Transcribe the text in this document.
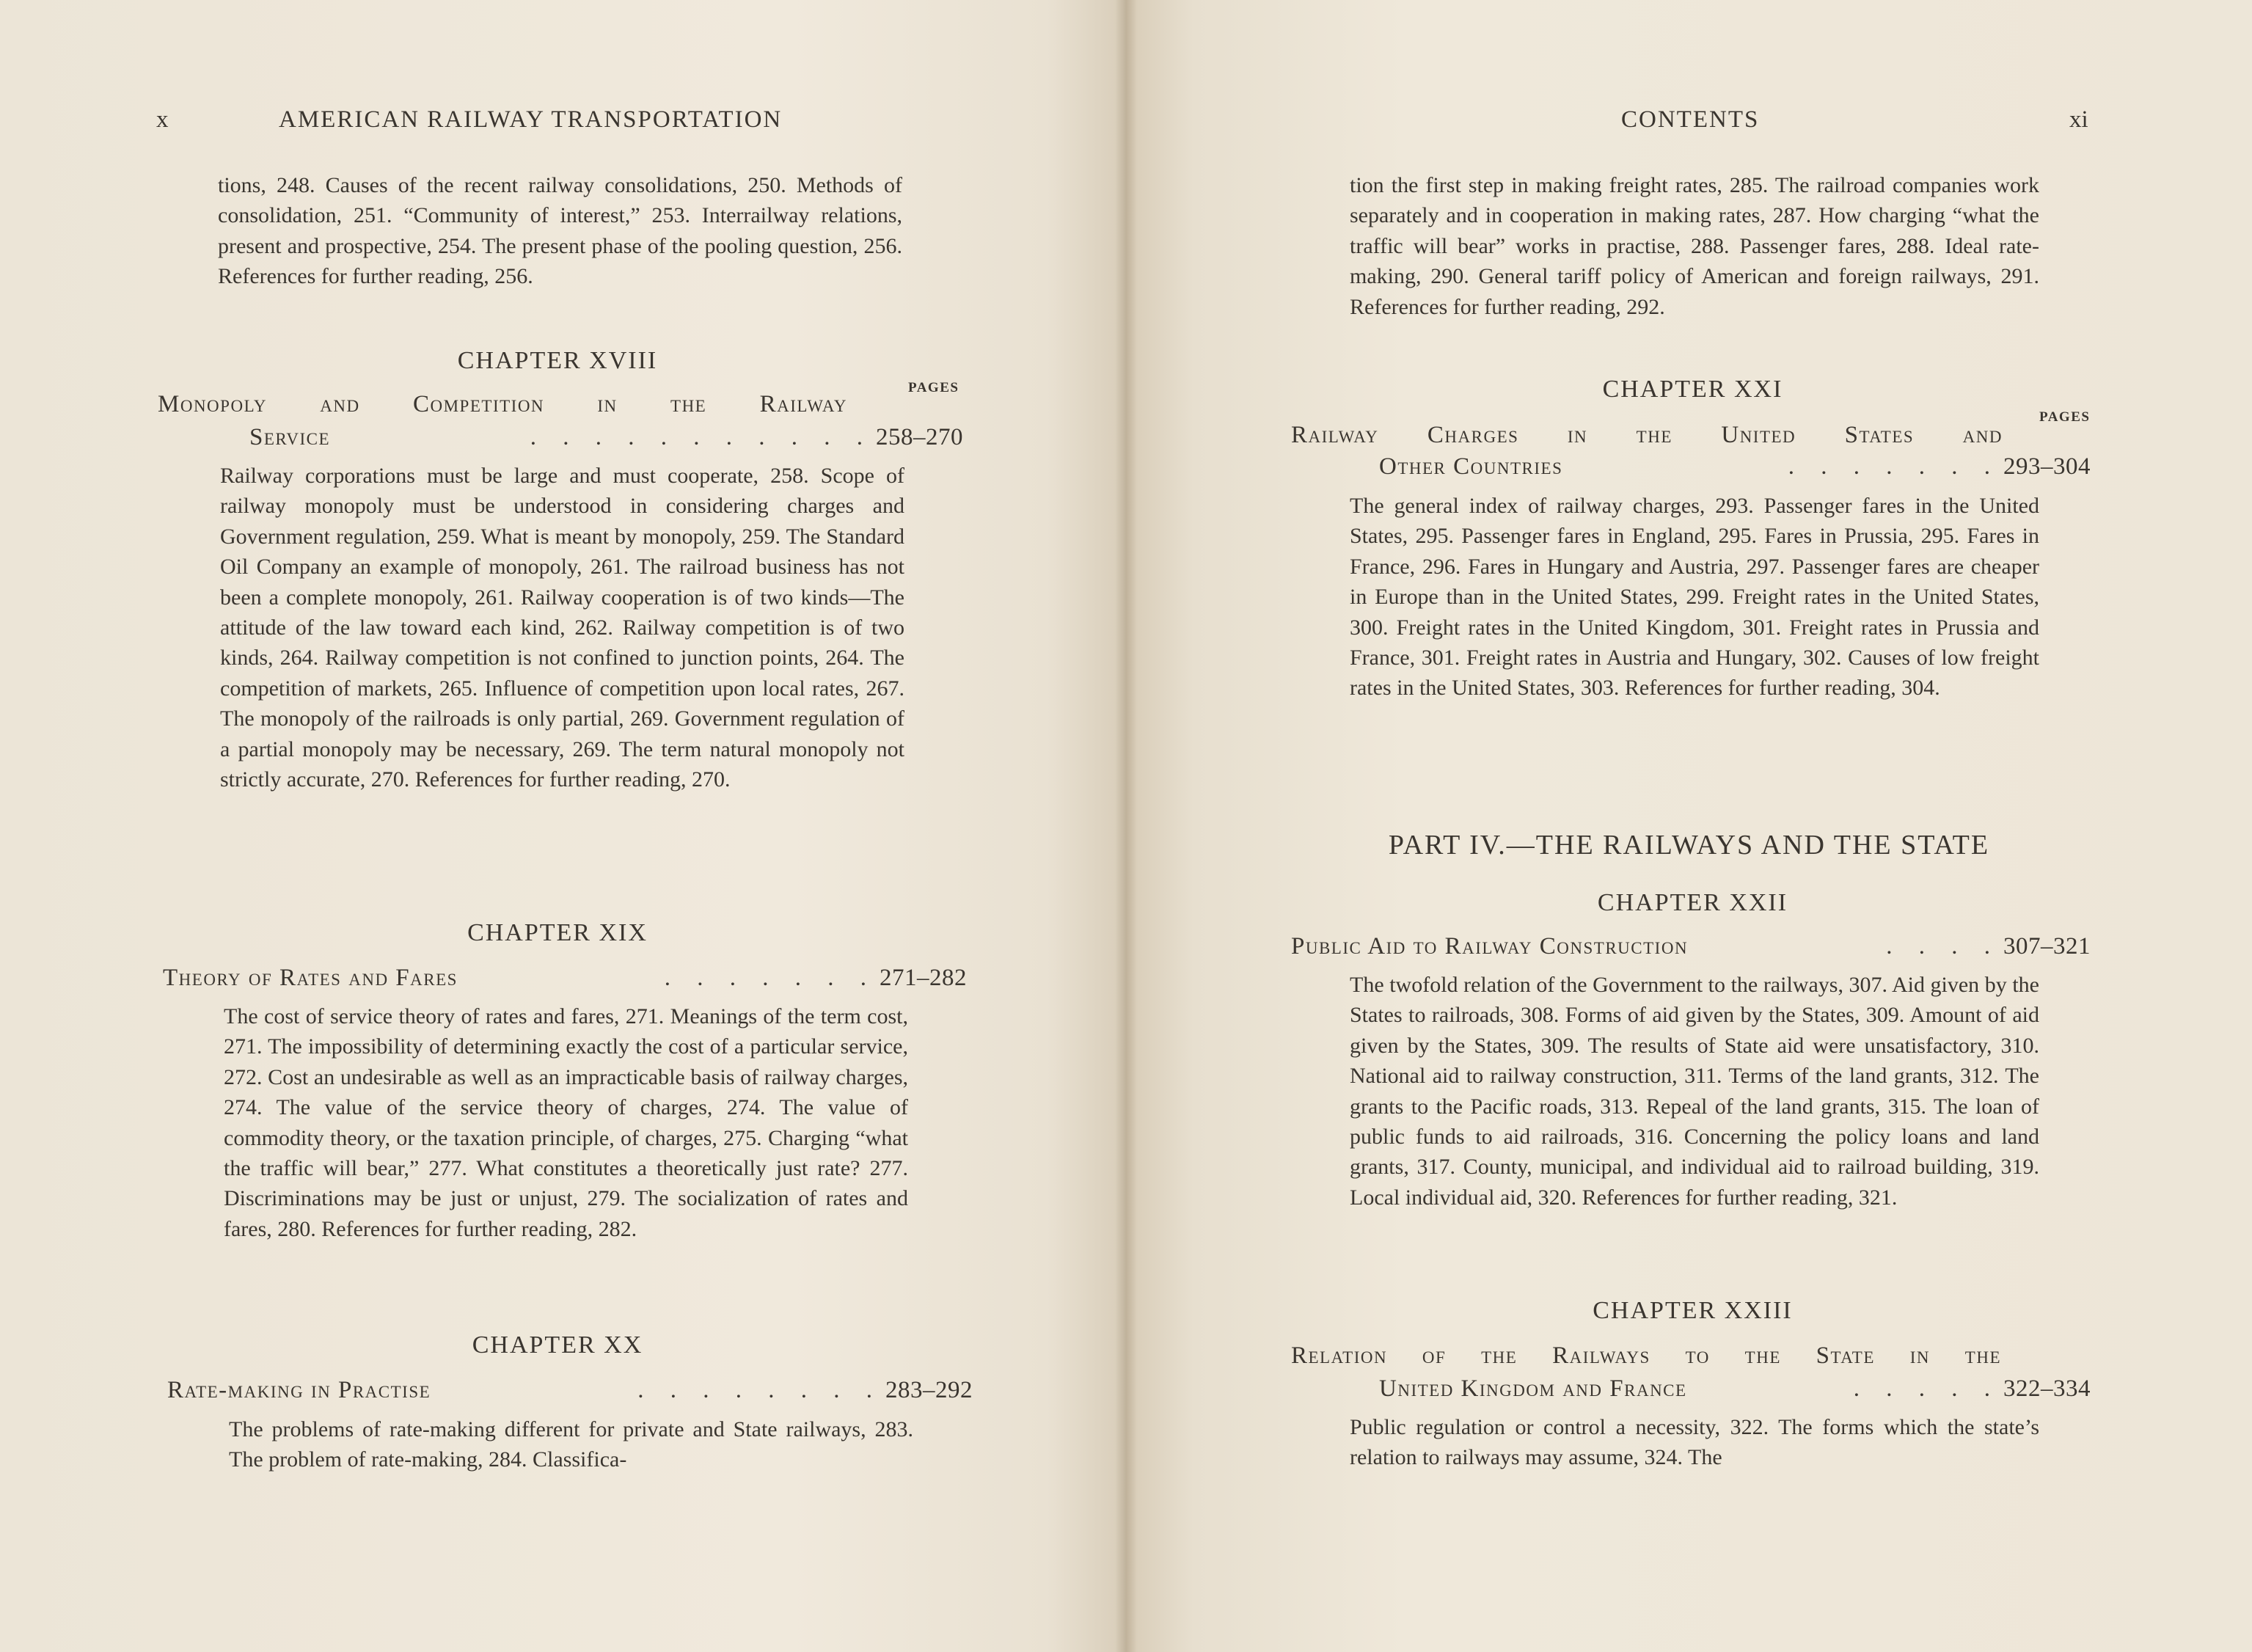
x	AMERICAN RAILWAY TRANSPORTATION

tions, 248. Causes of the recent railway consolidations, 250. Methods of consolidation, 251. “Community of interest,” 253. Interrailway relations, present and prospective, 254. The present phase of the pooling question, 256. References for further reading, 256.

CHAPTER XVIII
PAGES
Monopoly and Competition in the Railway
Service	. . . . . . . . . . . 258–270

Railway corporations must be large and must cooperate, 258. Scope of railway monopoly must be understood in considering charges and Government regulation, 259. What is meant by monopoly, 259. The Standard Oil Company an example of monopoly, 261. The railroad business has not been a complete monopoly, 261. Railway cooperation is of two kinds—The attitude of the law toward each kind, 262. Railway competition is of two kinds, 264. Railway competition is not confined to junction points, 264. The competition of markets, 265. Influence of competition upon local rates, 267. The monopoly of the railroads is only partial, 269. Government regulation of a partial monopoly may be necessary, 269. The term natural monopoly not strictly accurate, 270. References for further reading, 270.

CHAPTER XIX
Theory of Rates and Fares	. . . . . . . 271–282

The cost of service theory of rates and fares, 271. Meanings of the term cost, 271. The impossibility of determining exactly the cost of a particular service, 272. Cost an undesirable as well as an impracticable basis of railway charges, 274. The value of the service theory of charges, 274. The value of commodity theory, or the taxation principle, of charges, 275. Charging “what the traffic will bear,” 277. What constitutes a theoretically just rate? 277. Discriminations may be just or unjust, 279. The socialization of rates and fares, 280. References for further reading, 282.

CHAPTER XX
Rate-making in Practise	. . . . . . . . 283–292

The problems of rate-making different for private and State railways, 283. The problem of rate-making, 284. Classifica-

CONTENTS	xi

tion the first step in making freight rates, 285. The railroad companies work separately and in cooperation in making rates, 287. How charging “what the traffic will bear” works in practise, 288. Passenger fares, 288. Ideal rate-making, 290. General tariff policy of American and foreign railways, 291. References for further reading, 292.

CHAPTER XXI
PAGES
Railway Charges in the United States and
Other Countries	. . . . . . . 293–304

The general index of railway charges, 293. Passenger fares in the United States, 295. Passenger fares in England, 295. Fares in Prussia, 295. Fares in France, 296. Fares in Hungary and Austria, 297. Passenger fares are cheaper in Europe than in the United States, 299. Freight rates in the United States, 300. Freight rates in the United Kingdom, 301. Freight rates in Prussia and France, 301. Freight rates in Austria and Hungary, 302. Causes of low freight rates in the United States, 303. References for further reading, 304.

PART IV.—THE RAILWAYS AND THE STATE
CHAPTER XXII
Public Aid to Railway Construction	. . . . 307–321

The twofold relation of the Government to the railways, 307. Aid given by the States to railroads, 308. Forms of aid given by the States, 309. Amount of aid given by the States, 309. The results of State aid were unsatisfactory, 310. National aid to railway construction, 311. Terms of the land grants, 312. The grants to the Pacific roads, 313. Repeal of the land grants, 315. The loan of public funds to aid railroads, 316. Concerning the policy loans and land grants, 317. County, municipal, and individual aid to railroad building, 319. Local individual aid, 320. References for further reading, 321.

CHAPTER XXIII
Relation of the Railways to the State in the
United Kingdom and France	. . . . . 322–334

Public regulation or control a necessity, 322. The forms which the state’s relation to railways may assume, 324. The
